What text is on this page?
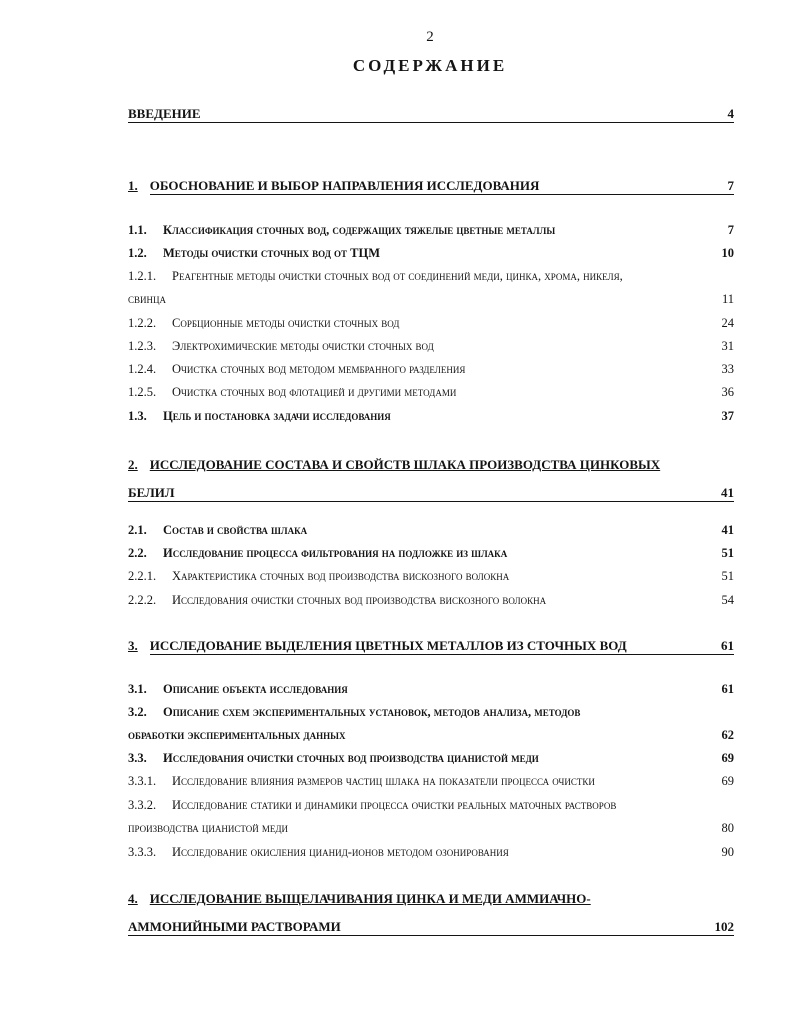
2
СОДЕРЖАНИЕ
ВВЕДЕНИЕ	4
1. ОБОСНОВАНИЕ И ВЫБОР НАПРАВЛЕНИЯ ИССЛЕДОВАНИЯ	7
1.1. Классификация сточных вод, содержащих тяжелые цветные металлы	7
1.2. Методы очистки сточных вод от ТЦМ	10
1.2.1. Реагентные методы очистки сточных вод от соединений меди, цинка, хрома, никеля,
свинца	11
1.2.2. Сорбционные методы очистки сточных вод	24
1.2.3. Электрохимические методы очистки сточных вод	31
1.2.4. Очистка сточных вод методом мембранного разделения	33
1.2.5. Очистка сточных вод флотацией и другими методами	36
1.3. Цель и постановка задачи исследования	37
2. ИССЛЕДОВАНИЕ СОСТАВА И СВОЙСТВ ШЛАКА ПРОИЗВОДСТВА ЦИНКОВЫХ
БЕЛИЛ	41
2.1. Состав и свойства шлака	41
2.2. Исследование процесса фильтрования на подложке из шлака	51
2.2.1. Характеристика сточных вод производства вискозного волокна	51
2.2.2. Исследования очистки сточных вод производства вискозного волокна	54
3. ИССЛЕДОВАНИЕ ВЫДЕЛЕНИЯ ЦВЕТНЫХ МЕТАЛЛОВ ИЗ СТОЧНЫХ ВОД	61
3.1. Описание объекта исследования	61
3.2. Описание схем экспериментальных установок, методов анализа, методов
обработки экспериментальных данных	62
3.3. Исследования очистки сточных вод производства цианистой меди	69
3.3.1. Исследование влияния размеров частиц шлака на показатели процесса очистки	69
3.3.2. Исследование статики и динамики процесса очистки реальных маточных растворов
производства цианистой меди	80
3.3.3. Исследование окисления цианид-ионов методом озонирования	90
4. ИССЛЕДОВАНИЕ ВЫЩЕЛАЧИВАНИЯ ЦИНКА И МЕДИ АММИАЧНО-
АММОНИЙНЫМИ РАСТВОРАМИ	102
